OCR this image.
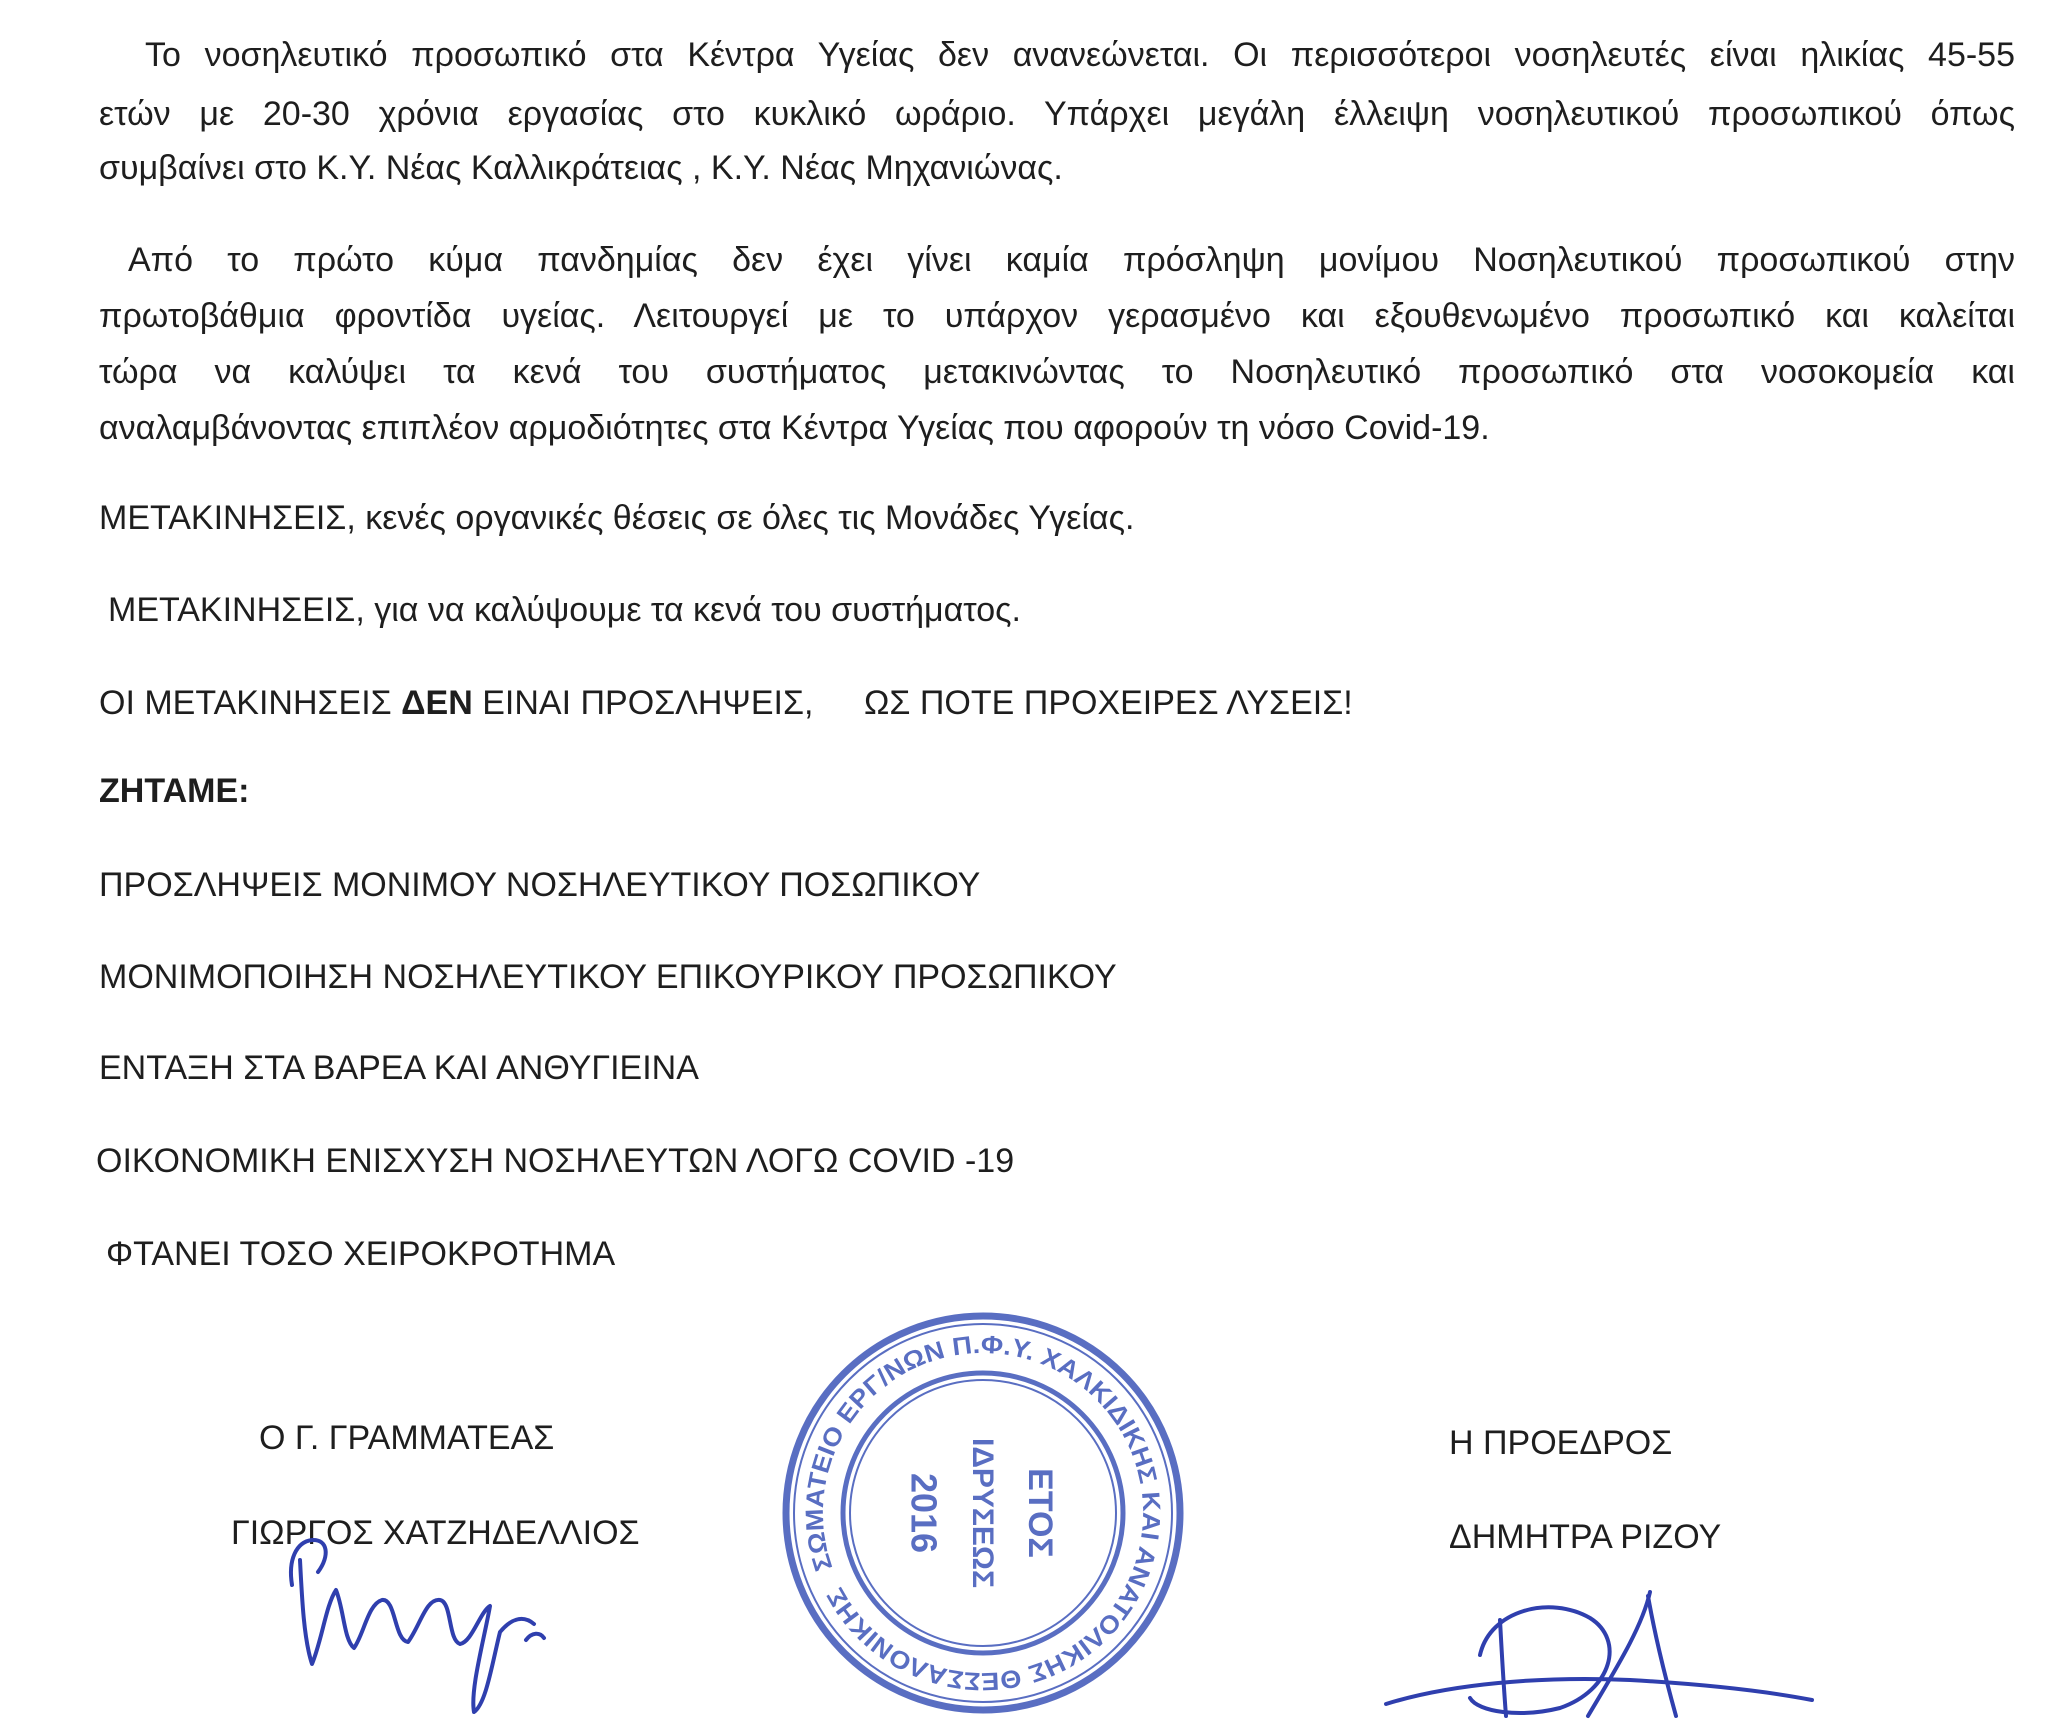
Το νοσηλευτικό προσωπικό στα Κέντρα Υγείας δεν ανανεώνεται. Οι περισσότεροι νοσηλευτές είναι ηλικίας 45-55
ετών με 20-30 χρόνια εργασίας στο κυκλικό ωράριο. Υπάρχει μεγάλη έλλειψη νοσηλευτικού προσωπικού όπως
συμβαίνει στο Κ.Υ. Νέας Καλλικράτειας , Κ.Υ. Νέας Μηχανιώνας.
Από το πρώτο κύμα πανδημίας δεν έχει γίνει καμία πρόσληψη μονίμου Νοσηλευτικού προσωπικού στην
πρωτοβάθμια φροντίδα υγείας. Λειτουργεί με το υπάρχον γερασμένο και εξουθενωμένο προσωπικό και καλείται
τώρα να καλύψει τα κενά του συστήματος μετακινώντας το Νοσηλευτικό προσωπικό στα νοσοκομεία και
αναλαμβάνοντας επιπλέον αρμοδιότητες στα Κέντρα Υγείας που αφορούν τη νόσο Covid-19.
ΜΕΤΑΚΙΝΗΣΕΙΣ, κενές οργανικές θέσεις σε όλες τις Μονάδες Υγείας.
ΜΕΤΑΚΙΝΗΣΕΙΣ, για να καλύψουμε τα κενά του συστήματος.
ΟΙ ΜΕΤΑΚΙΝΗΣΕΙΣ ΔΕΝ ΕΙΝΑΙ ΠΡΟΣΛΗΨΕΙΣ, ΩΣ ΠΟΤΕ ΠΡΟΧΕΙΡΕΣ ΛΥΣΕΙΣ!
ΖΗΤΑΜΕ:
ΠΡΟΣΛΗΨΕΙΣ ΜΟΝΙΜΟΥ ΝΟΣΗΛΕΥΤΙΚΟΥ ΠΟΣΩΠΙΚΟΥ
ΜΟΝΙΜΟΠΟΙΗΣΗ ΝΟΣΗΛΕΥΤΙΚΟΥ ΕΠΙΚΟΥΡΙΚΟΥ ΠΡΟΣΩΠΙΚΟΥ
ΕΝΤΑΞΗ ΣΤΑ ΒΑΡΕΑ ΚΑΙ ΑΝΘΥΓΙΕΙΝΑ
ΟΙΚΟΝΟΜΙΚΗ ΕΝΙΣΧΥΣΗ ΝΟΣΗΛΕΥΤΩΝ ΛΟΓΩ COVID -19
ΦΤΑΝΕΙ ΤΟΣΟ ΧΕΙΡΟΚΡΟΤΗΜΑ
Ο Γ. ΓΡΑΜΜΑΤΕΑΣ
ΓΙΩΡΓΟΣ ΧΑΤΖΗΔΕΛΛΙΟΣ
Η ΠΡΟΕΔΡΟΣ
ΔΗΜΗΤΡΑ ΡΙΖΟΥ
ΣΩΜΑΤΕΙΟ ΕΡΓ/ΝΩΝ Π.Φ.Υ. ΧΑΛΚΙΔΙΚΗΣ ΚΑΙ ΑΝΑΤΟΛΙΚΗΣ ΘΕΣΣΑΛΟΝΙΚΗΣ
ΕΤΟΣ
ΙΔΡΥΣΕΩΣ
2016
